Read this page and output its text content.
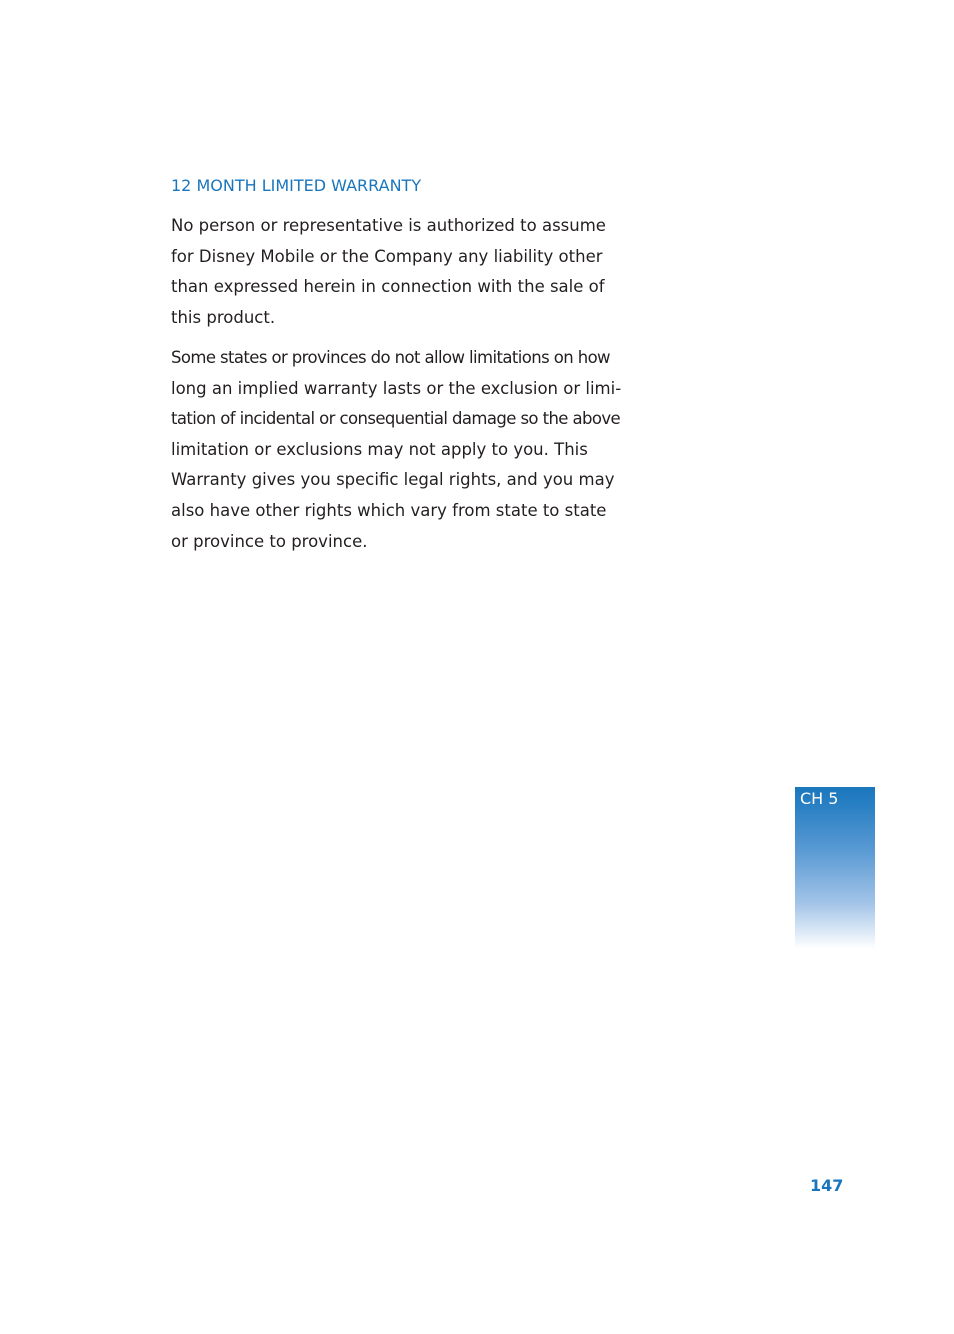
12 MONTH LIMITED WARRANTY

No person or representative is authorized to assume
for Disney Mobile or the Company any liability other
than expressed herein in connection with the sale of
this product.

Some states or provinces do not allow limitations on how
long an implied warranty lasts or the exclusion or limi-
tation of incidental or consequential damage so the above
limitation or exclusions may not apply to you. This
Warranty gives you specific legal rights, and you may
also have other rights which vary from state to state
or province to province.

CH 5
147
